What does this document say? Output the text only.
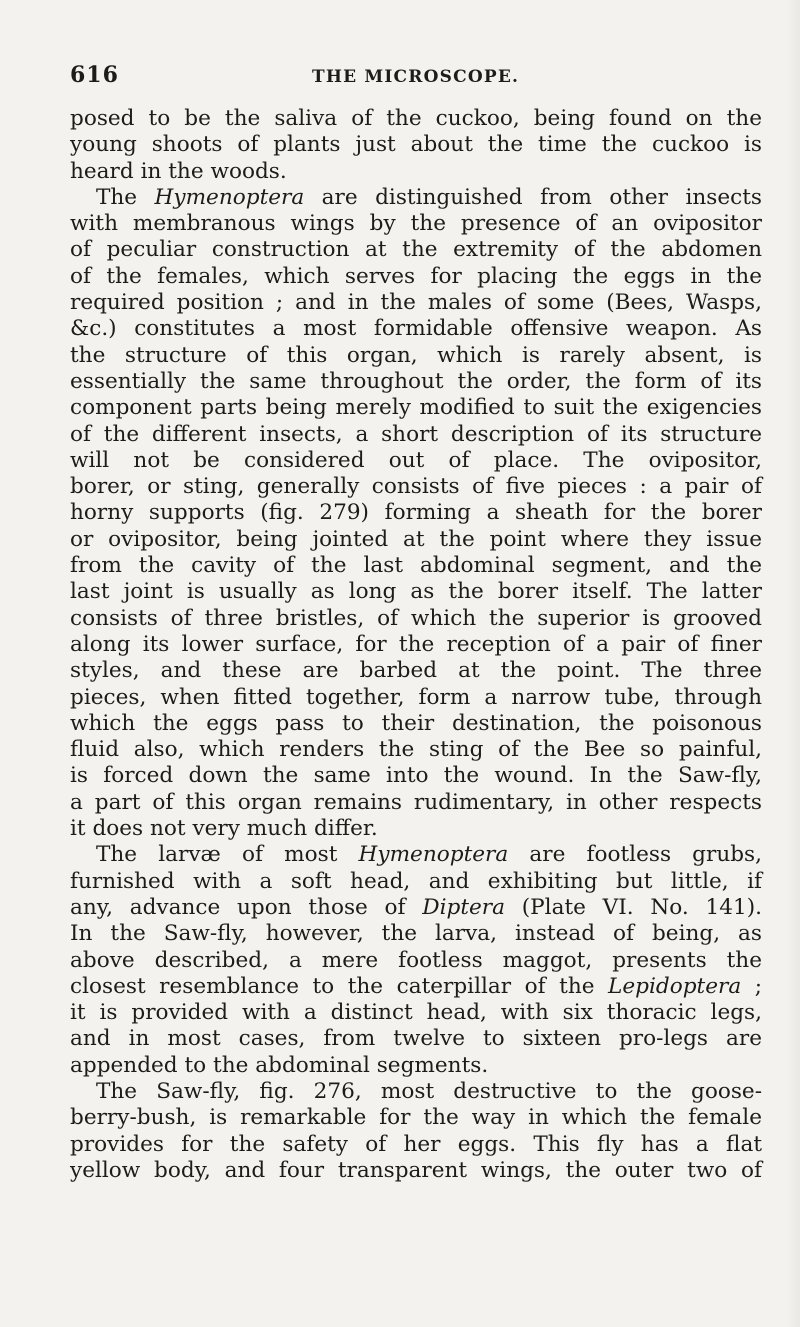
616	THE MICROSCOPE.
posed to be the saliva of the cuckoo, being found on the
young shoots of plants just about the time the cuckoo is
heard in the woods.
The Hymenoptera are distinguished from other insects
with membranous wings by the presence of an ovipositor
of peculiar construction at the extremity of the abdomen
of the females, which serves for placing the eggs in the
required position ; and in the males of some (Bees, Wasps,
&c.) constitutes a most formidable offensive weapon. As
the structure of this organ, which is rarely absent, is
essentially the same throughout the order, the form of its
component parts being merely modified to suit the exigencies
of the different insects, a short description of its structure
will not be considered out of place. The ovipositor,
borer, or sting, generally consists of five pieces : a pair of
horny supports (fig. 279) forming a sheath for the borer
or ovipositor, being jointed at the point where they issue
from the cavity of the last abdominal segment, and the
last joint is usually as long as the borer itself. The latter
consists of three bristles, of which the superior is grooved
along its lower surface, for the reception of a pair of finer
styles, and these are barbed at the point. The three
pieces, when fitted together, form a narrow tube, through
which the eggs pass to their destination, the poisonous
fluid also, which renders the sting of the Bee so painful,
is forced down the same into the wound. In the Saw-fly,
a part of this organ remains rudimentary, in other respects
it does not very much differ.
The larvæ of most Hymenoptera are footless grubs,
furnished with a soft head, and exhibiting but little, if
any, advance upon those of Diptera (Plate VI. No. 141).
In the Saw-fly, however, the larva, instead of being, as
above described, a mere footless maggot, presents the
closest resemblance to the caterpillar of the Lepidoptera ;
it is provided with a distinct head, with six thoracic legs,
and in most cases, from twelve to sixteen pro-legs are
appended to the abdominal segments.
The Saw-fly, fig. 276, most destructive to the goose-
berry-bush, is remarkable for the way in which the female
provides for the safety of her eggs. This fly has a flat
yellow body, and four transparent wings, the outer two of
